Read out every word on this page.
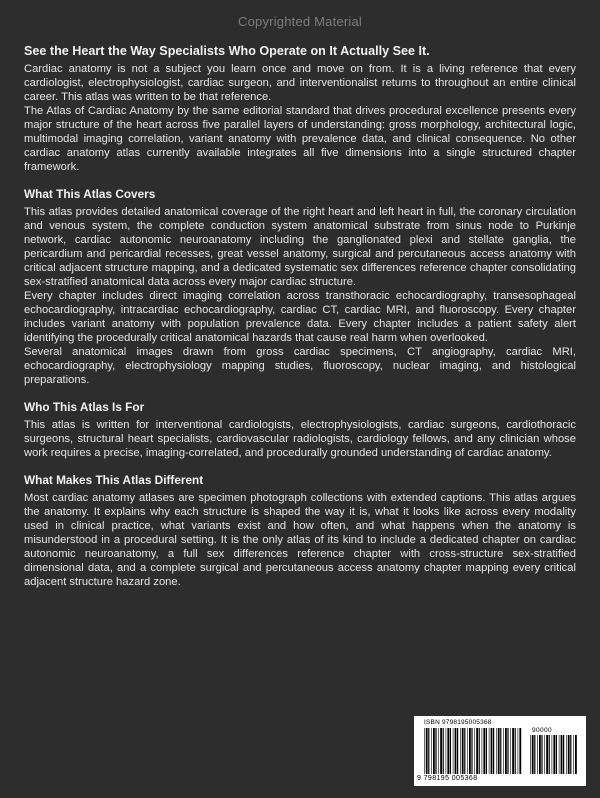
Copyrighted Material
See the Heart the Way Specialists Who Operate on It Actually See It.

Cardiac anatomy is not a subject you learn once and move on from. It is a living reference that every cardiologist, electrophysiologist, cardiac surgeon, and interventionalist returns to throughout an entire clinical career. This atlas was written to be that reference.

The Atlas of Cardiac Anatomy by the same editorial standard that drives procedural excellence presents every major structure of the heart across five parallel layers of understanding: gross morphology, architectural logic, multimodal imaging correlation, variant anatomy with prevalence data, and clinical consequence. No other cardiac anatomy atlas currently available integrates all five dimensions into a single structured chapter framework.

What This Atlas Covers

This atlas provides detailed anatomical coverage of the right heart and left heart in full, the coronary circulation and venous system, the complete conduction system anatomical substrate from sinus node to Purkinje network, cardiac autonomic neuroanatomy including the ganglionated plexi and stellate ganglia, the pericardium and pericardial recesses, great vessel anatomy, surgical and percutaneous access anatomy with critical adjacent structure mapping, and a dedicated systematic sex differences reference chapter consolidating sex-stratified anatomical data across every major cardiac structure.

Every chapter includes direct imaging correlation across transthoracic echocardiography, transesophageal echocardiography, intracardiac echocardiography, cardiac CT, cardiac MRI, and fluoroscopy. Every chapter includes variant anatomy with population prevalence data. Every chapter includes a patient safety alert identifying the procedurally critical anatomical hazards that cause real harm when overlooked.

Several anatomical images drawn from gross cardiac specimens, CT angiography, cardiac MRI, echocardiography, electrophysiology mapping studies, fluoroscopy, nuclear imaging, and histological preparations.

Who This Atlas Is For

This atlas is written for interventional cardiologists, electrophysiologists, cardiac surgeons, cardiothoracic surgeons, structural heart specialists, cardiovascular radiologists, cardiology fellows, and any clinician whose work requires a precise, imaging-correlated, and procedurally grounded understanding of cardiac anatomy.

What Makes This Atlas Different

Most cardiac anatomy atlases are specimen photograph collections with extended captions. This atlas argues the anatomy. It explains why each structure is shaped the way it is, what it looks like across every modality used in clinical practice, what variants exist and how often, and what happens when the anatomy is misunderstood in a procedural setting. It is the only atlas of its kind to include a dedicated chapter on cardiac autonomic neuroanatomy, a full sex differences reference chapter with cross-structure sex-stratified dimensional data, and a complete surgical and percutaneous access anatomy chapter mapping every critical adjacent structure hazard zone.

ISBN 9798195005368
90000
9 798195 005368
